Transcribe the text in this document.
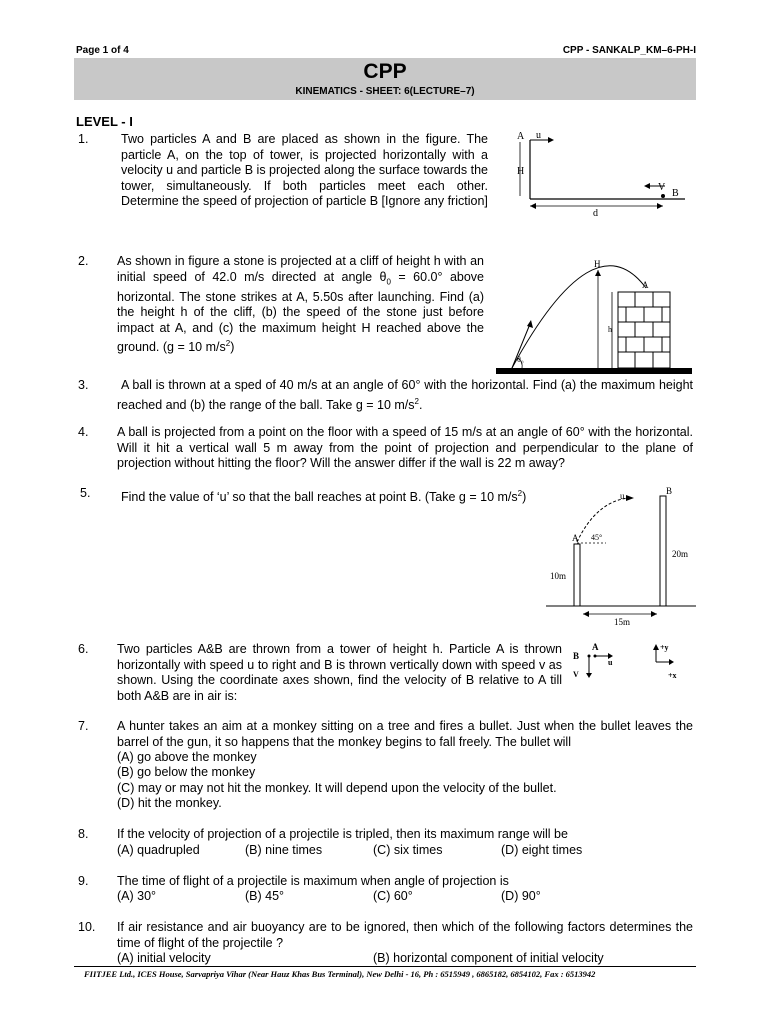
Page 1 of 4	CPP - SANKALP_KM–6-PH-I
CPP
KINEMATICS - SHEET: 6(LECTURE–7)
LEVEL - I
1.	Two particles A and B are placed as shown in the figure. The particle A, on the top of tower, is projected horizontally with a velocity u and particle B is projected along the surface towards the tower, simultaneously. If both particles meet each other. Determine the speed of projection of particle B [Ignore any friction]
A u
H
V
B
d
2. As shown in figure a stone is projected at a cliff of height h with an initial speed of 42.0 m/s directed at angle $\theta_0 = 60.0^\circ$ above horizontal. The stone strikes at A, 5.50s after launching. Find (a) the height h of the cliff, (b) the speed of the stone just before impact at A, and (c) the maximum height H reached above the ground. (g = 10 $m/s^2$)
θ₀
H
A
h
3.	A ball is thrown at a sped of 40 m/s at an angle of 60° with the horizontal. Find (a) the maximum height reached and (b) the range of the ball. Take g = 10 $m/s^2$.
4. A ball is projected from a point on the floor with a speed of 15 m/s at an angle of 60° with the horizontal. Will it hit a vertical wall 5 m away from the point of projection and perpendicular to the plane of projection without hitting the floor? Will the answer differ if the wall is 22 m away?
5. Find the value of ‘u’ so that the ball reaches at point B. (Take g = 10 $m/s^2$)	u	B
A 45°
10m
20m
15m
6. Two particles A&B are thrown from a tower of height h. Particle A is thrown horizontally with speed u to right and B is thrown vertically down with speed v as shown. Using the coordinate axes shown, find the velocity of B relative to A till both A&B are in air is:
B
A
u
V
+y
+x
7. A hunter takes an aim at a monkey sitting on a tree and fires a bullet. Just when the bullet leaves the barrel of the gun, it so happens that the monkey begins to fall freely. The bullet will
(A) go above the monkey
(B) go below the monkey
(C) may or may not hit the monkey. It will depend upon the velocity of the bullet.
(D) hit the monkey.
8. If the velocity of projection of a projectile is tripled, then its maximum range will be
(A) quadrupled	(B) nine times	(C) six times	(D) eight times
9. The time of flight of a projectile is maximum when angle of projection is
(A) 30°	(B) 45°	(C) 60°	(D) 90°
10. If air resistance and air buoyancy are to be ignored, then which of the following factors determines the time of flight of the projectile ?
(A) initial velocity	(B) horizontal component of initial velocity
FIITJEE Ltd., ICES House, Sarvapriya Vihar (Near Hauz Khas Bus Terminal), New Delhi - 16, Ph : 6515949 , 6865182, 6854102, Fax : 6513942
